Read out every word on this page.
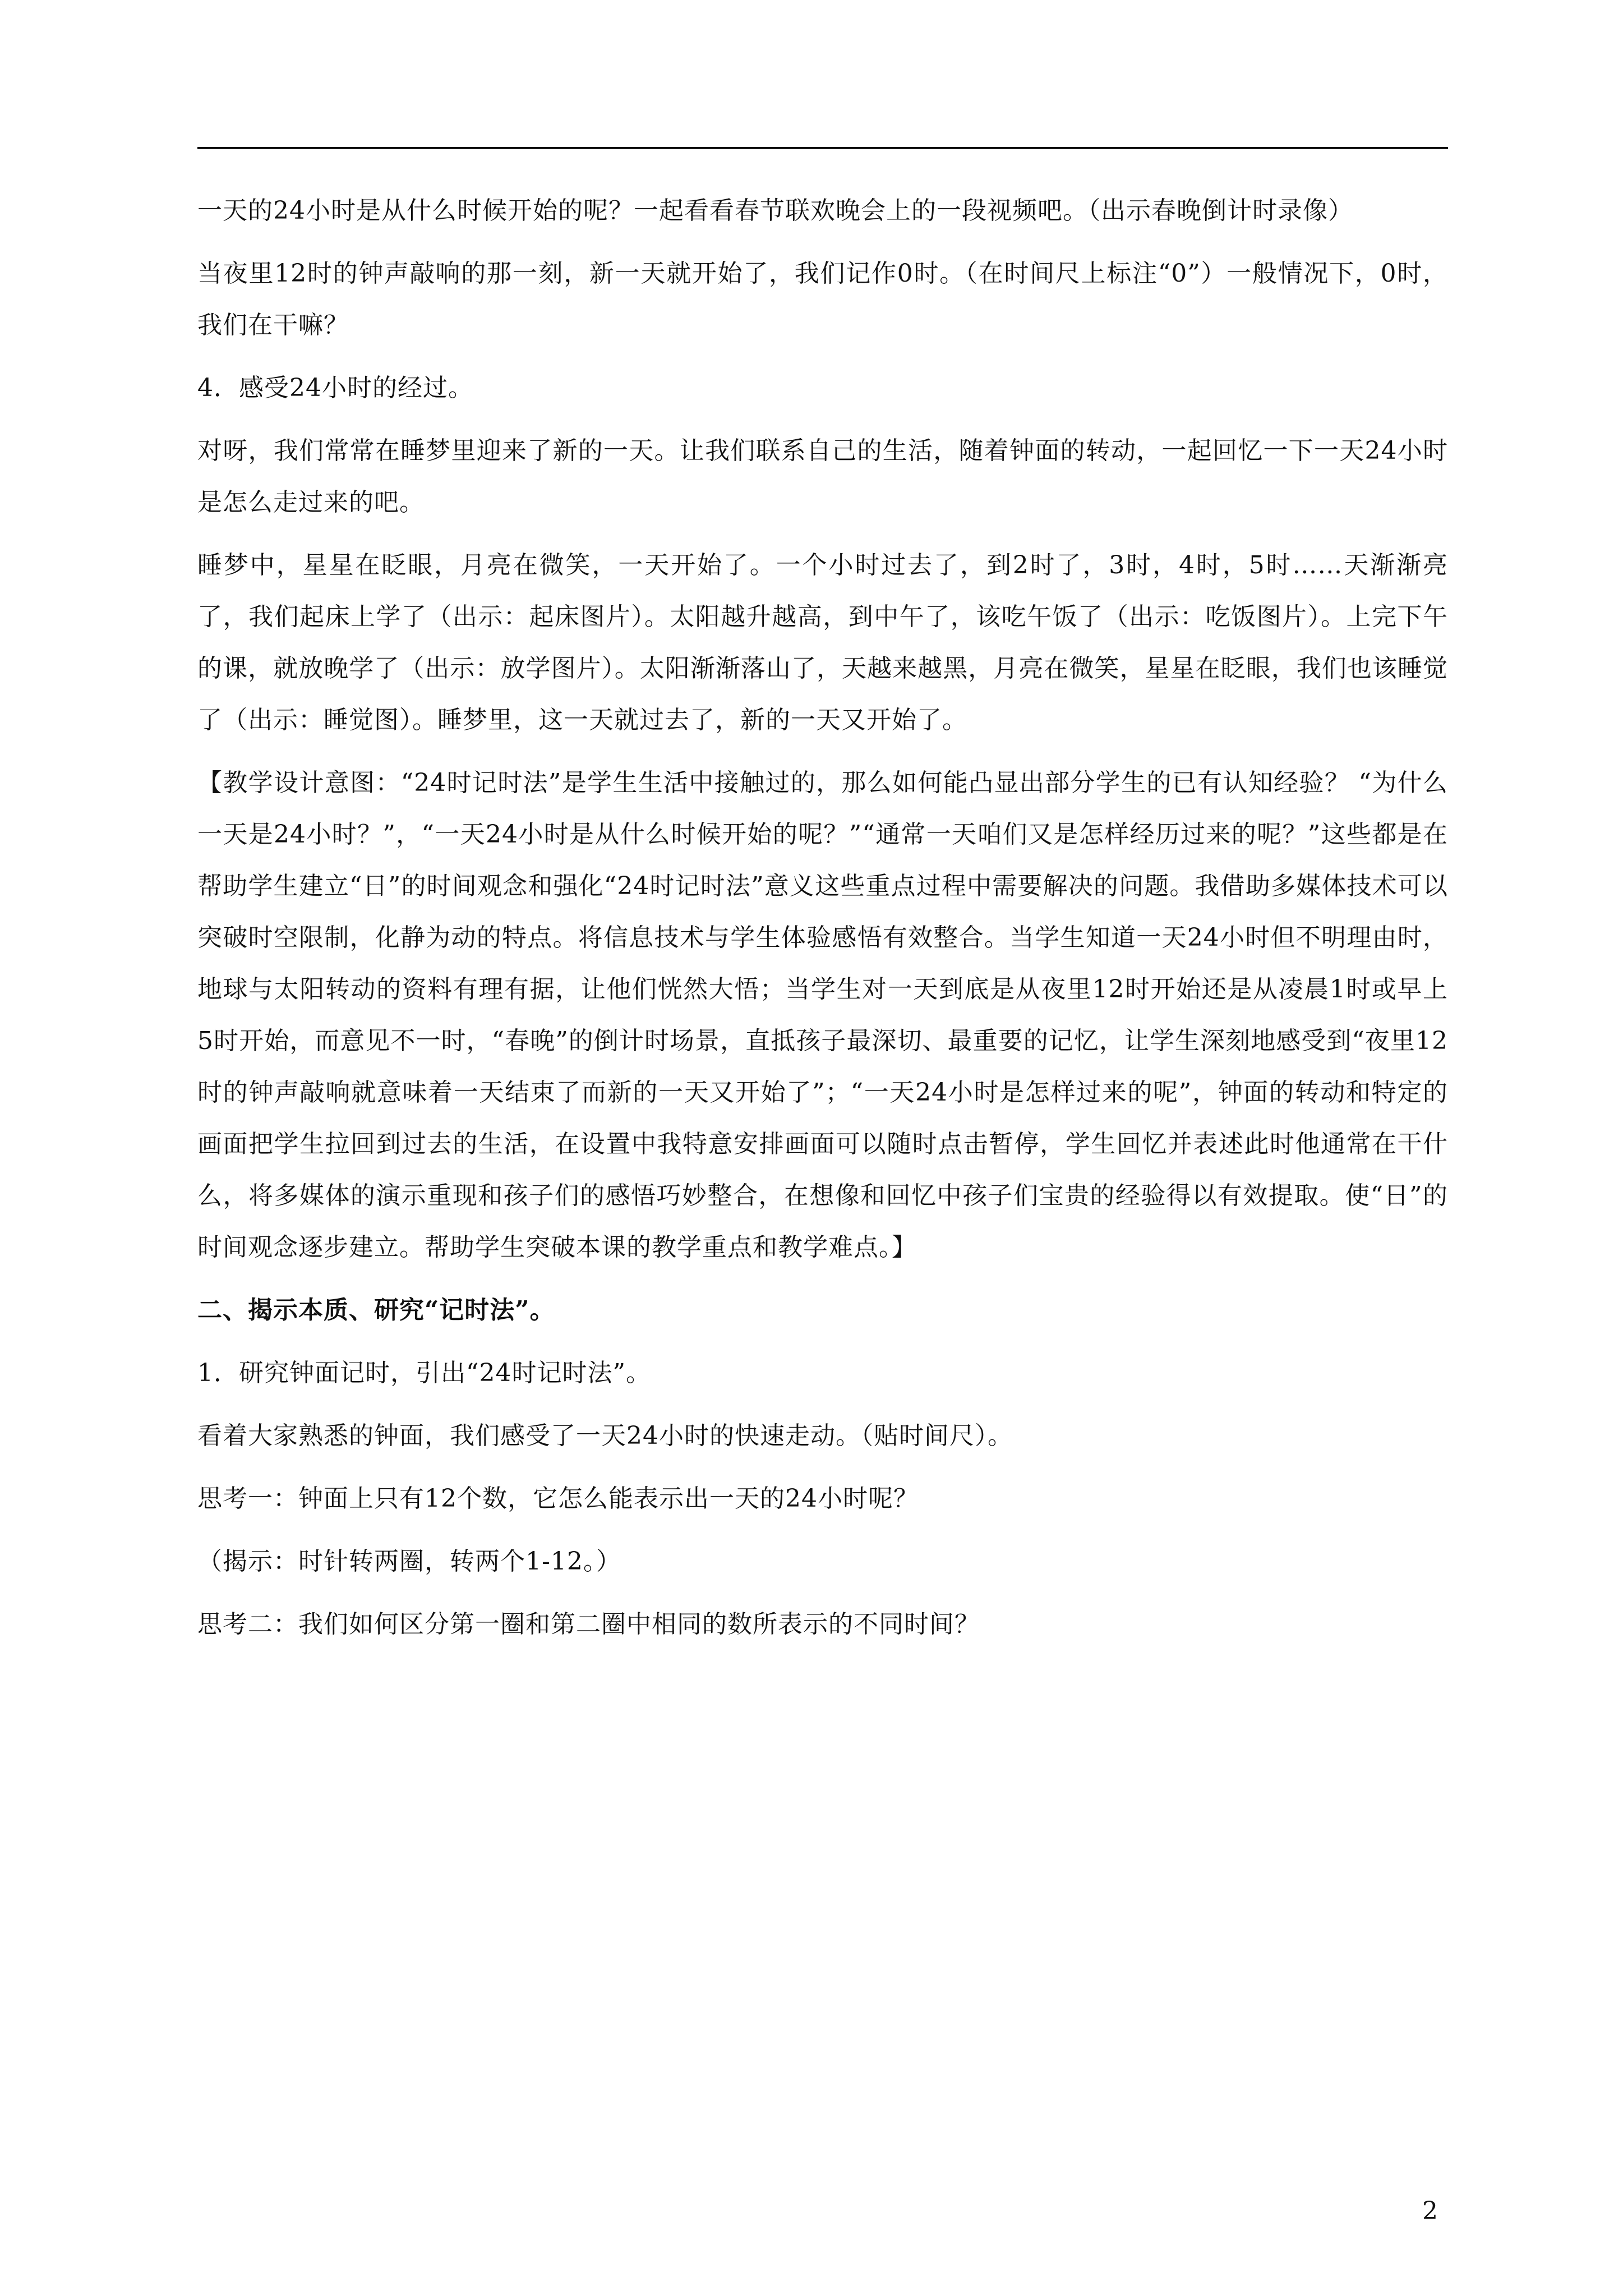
一天的24小时是从什么时候开始的呢？一起看看春节联欢晚会上的一段视频吧。（出示春晚倒计时录像）

当夜里12时的钟声敲响的那一刻，新一天就开始了，我们记作0时。（在时间尺上标注“0”）一般情况下，0时，我们在干嘛？

4．感受24小时的经过。

对呀，我们常常在睡梦里迎来了新的一天。让我们联系自己的生活，随着钟面的转动，一起回忆一下一天24小时是怎么走过来的吧。

睡梦中，星星在眨眼，月亮在微笑，一天开始了。一个小时过去了，到2时了，3时，4时，5时……天渐渐亮了，我们起床上学了（出示：起床图片）。太阳越升越高，到中午了，该吃午饭了（出示：吃饭图片）。上完下午的课，就放晚学了（出示：放学图片）。太阳渐渐落山了，天越来越黑，月亮在微笑，星星在眨眼，我们也该睡觉了（出示：睡觉图）。睡梦里，这一天就过去了，新的一天又开始了。

【教学设计意图：“24时记时法”是学生生活中接触过的，那么如何能凸显出部分学生的已有认知经验？ “为什么一天是24小时？”，“一天24小时是从什么时候开始的呢？”“通常一天咱们又是怎样经历过来的呢？”这些都是在帮助学生建立“日”的时间观念和强化“24时记时法”意义这些重点过程中需要解决的问题。我借助多媒体技术可以突破时空限制，化静为动的特点。将信息技术与学生体验感悟有效整合。当学生知道一天24小时但不明理由时，地球与太阳转动的资料有理有据，让他们恍然大悟；当学生对一天到底是从夜里12时开始还是从凌晨1时或早上5时开始，而意见不一时，“春晚”的倒计时场景，直抵孩子最深切、最重要的记忆，让学生深刻地感受到“夜里12时的钟声敲响就意味着一天结束了而新的一天又开始了”；“一天24小时是怎样过来的呢”，钟面的转动和特定的画面把学生拉回到过去的生活，在设置中我特意安排画面可以随时点击暂停，学生回忆并表述此时他通常在干什么，将多媒体的演示重现和孩子们的感悟巧妙整合，在想像和回忆中孩子们宝贵的经验得以有效提取。使“日”的时间观念逐步建立。帮助学生突破本课的教学重点和教学难点。】

二、揭示本质、研究“记时法”。

1．研究钟面记时，引出“24时记时法”。

看着大家熟悉的钟面，我们感受了一天24小时的快速走动。（贴时间尺）。

思考一：钟面上只有12个数，它怎么能表示出一天的24小时呢？

（揭示：时针转两圈，转两个1-12。）

思考二：我们如何区分第一圈和第二圈中相同的数所表示的不同时间？

2
